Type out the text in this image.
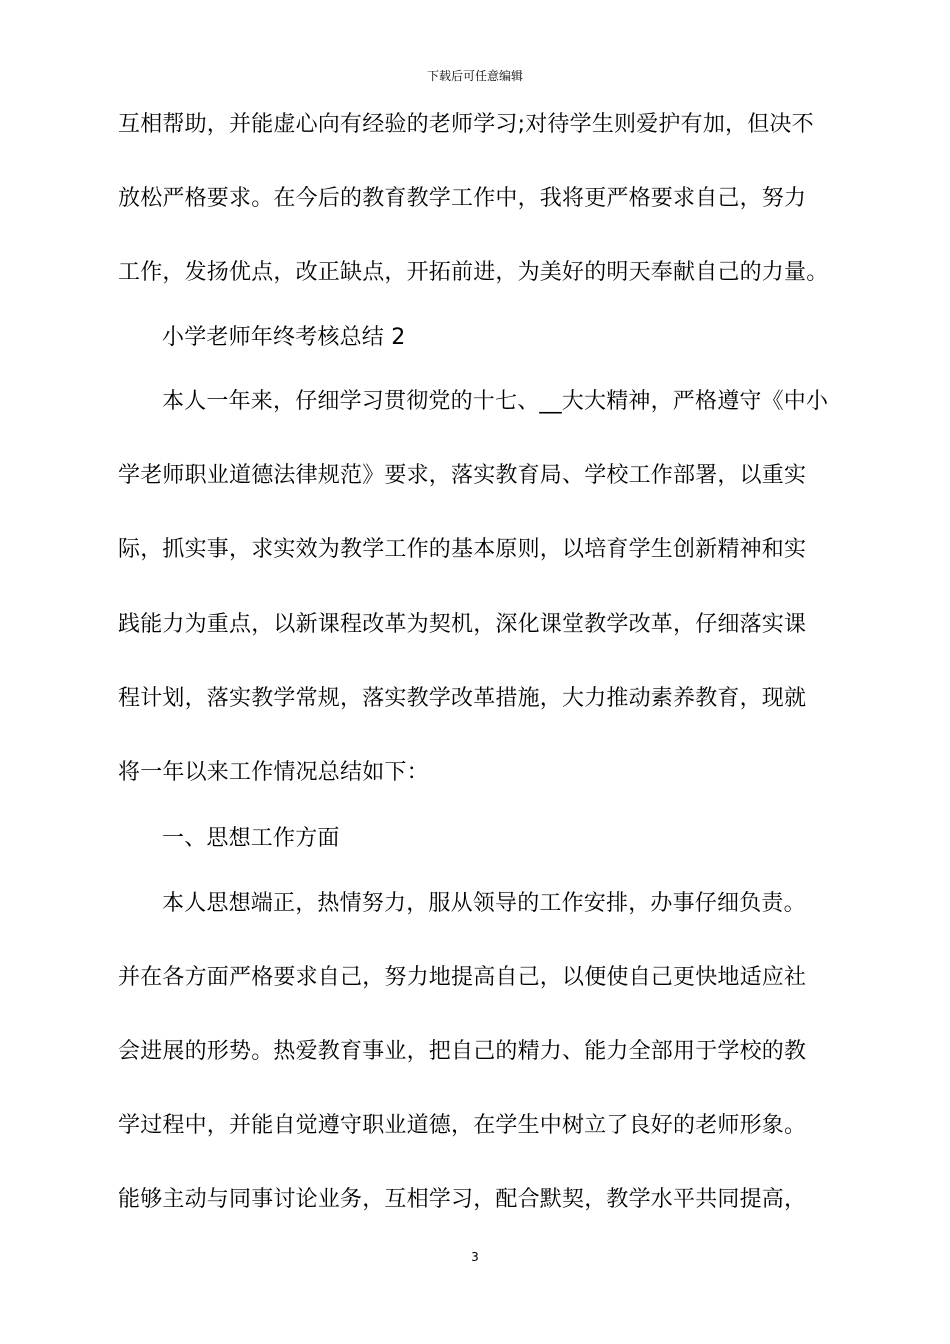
下载后可任意编辑
互相帮助，并能虚心向有经验的老师学习;对待学生则爱护有加，但决不
放松严格要求。在今后的教育教学工作中，我将更严格要求自己，努力
工作，发扬优点，改正缺点，开拓前进，为美好的明天奉献自己的力量。
小学老师年终考核总结 2
本人一年来，仔细学习贯彻党的十七、__大大精神，严格遵守《中小
学老师职业道德法律规范》要求，落实教育局、学校工作部署，以重实
际，抓实事，求实效为教学工作的基本原则，以培育学生创新精神和实
践能力为重点，以新课程改革为契机，深化课堂教学改革，仔细落实课
程计划，落实教学常规，落实教学改革措施，大力推动素养教育，现就
将一年以来工作情况总结如下：
一、思想工作方面
本人思想端正，热情努力，服从领导的工作安排，办事仔细负责。
并在各方面严格要求自己，努力地提高自己，以便使自己更快地适应社
会进展的形势。热爱教育事业，把自己的精力、能力全部用于学校的教
学过程中，并能自觉遵守职业道德，在学生中树立了良好的老师形象。
能够主动与同事讨论业务，互相学习，配合默契，教学水平共同提高，
3
